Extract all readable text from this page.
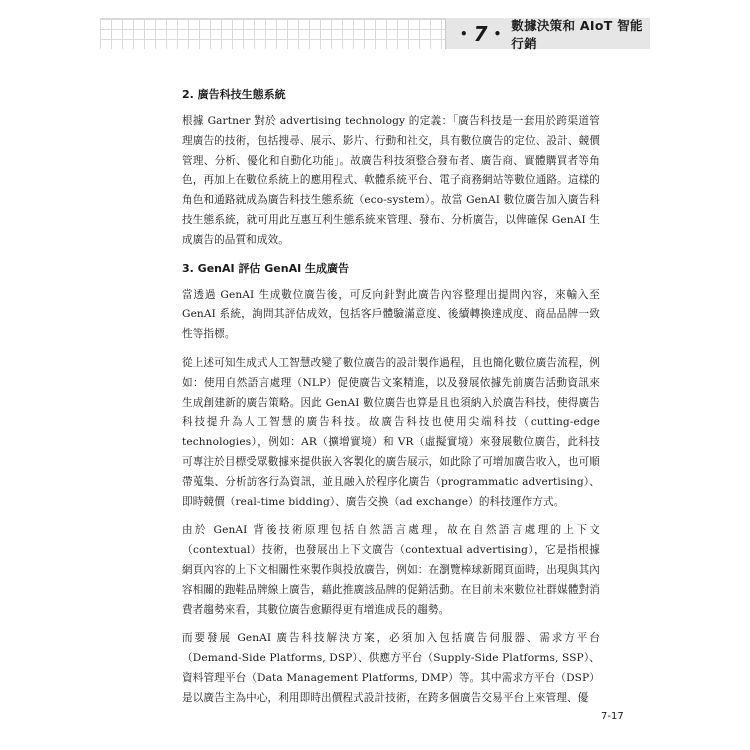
• 7 •
數據決策和 AIoT 智能行銷
2. 廣告科技生態系統

根據 Gartner 對於 advertising technology 的定義：「廣告科技是一套用於跨渠道管理廣告的技術，包括搜尋、展示、影片、行動和社交，具有數位廣告的定位、設計、競價管理、分析、優化和自動化功能」。故廣告科技須整合發布者、廣告商、實體購買者等角色，再加上在數位系統上的應用程式、軟體系統平台、電子商務網站等數位通路。這樣的角色和通路就成為廣告科技生態系統（eco-system）。故當 GenAI 數位廣告加入廣告科技生態系統，就可用此互惠互利生態系統來管理、發布、分析廣告，以俾確保 GenAI 生成廣告的品質和成效。

3. GenAI 評估 GenAI 生成廣告

當透過 GenAI 生成數位廣告後，可反向針對此廣告內容整理出提問內容，來輸入至 GenAI 系統，詢問其評估成效，包括客戶體驗滿意度、後續轉換達成度、商品品牌一致性等指標。

從上述可知生成式人工智慧改變了數位廣告的設計製作過程，且也簡化數位廣告流程，例如：使用自然語言處理（NLP）促使廣告文案精進，以及發展依據先前廣告活動資訊來生成創建新的廣告策略。因此 GenAI 數位廣告也算是且也須納入於廣告科技，使得廣告科技提升為人工智慧的廣告科技。故廣告科技也使用尖端科技（cutting-edge technologies），例如：AR（擴增實境）和 VR（虛擬實境）來發展數位廣告，此科技可專注於目標受眾數據來提供嵌入客製化的廣告展示，如此除了可增加廣告收入，也可順帶蒐集、分析訪客行為資訊，並且融入於程序化廣告（programmatic advertising）、即時競價（real-time bidding）、廣告交換（ad exchange）的科技運作方式。

由於 GenAI 背後技術原理包括自然語言處理，故在自然語言處理的上下文（contextual）技術，也發展出上下文廣告（contextual advertising），它是指根據網頁內容的上下文相關性來製作與投放廣告，例如：在瀏覽棒球新聞頁面時，出現與其內容相關的跑鞋品牌線上廣告，藉此推廣該品牌的促銷活動。在目前未來數位社群媒體對消費者趨勢來看，其數位廣告愈顯得更有增進成長的趨勢。

而要發展 GenAI 廣告科技解決方案，必須加入包括廣告伺服器、需求方平台（Demand-Side Platforms, DSP）、供應方平台（Supply-Side Platforms, SSP）、資料管理平台（Data Management Platforms, DMP）等。其中需求方平台（DSP）是以廣告主為中心，利用即時出價程式設計技術，在跨多個廣告交易平台上來管理、優

7-17
